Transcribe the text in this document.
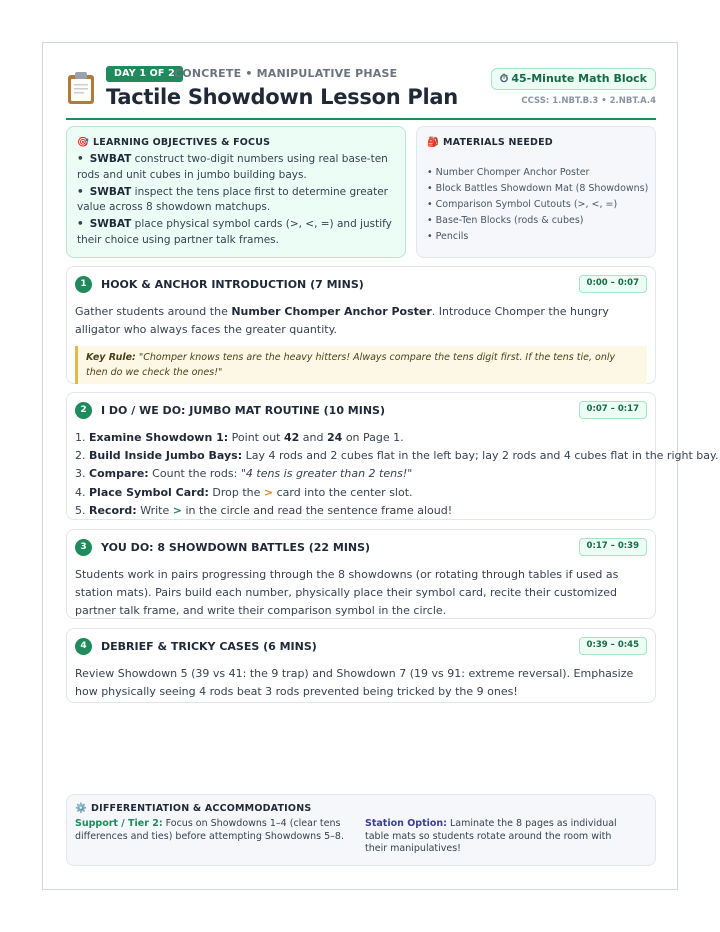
DAY 1 OF 2 CONCRETE • MANIPULATIVE PHASE
Tactile Showdown Lesson Plan
⏱ 45-Minute Math Block
CCSS: 1.NBT.B.3 • 2.NBT.A.4
🎯 LEARNING OBJECTIVES & FOCUS
• SWBAT construct two-digit numbers using real base-ten rods and unit cubes in jumbo building bays.
• SWBAT inspect the tens place first to determine greater value across 8 showdown matchups.
• SWBAT place physical symbol cards (>, <, =) and justify their choice using partner talk frames.
🎒 MATERIALS NEEDED
• Number Chomper Anchor Poster
• Block Battles Showdown Mat (8 Showdowns)
• Comparison Symbol Cutouts (>, <, =)
• Base-Ten Blocks (rods & cubes)
• Pencils
1	HOOK & ANCHOR INTRODUCTION (7 MINS)	0:00 – 0:07
Gather students around the Number Chomper Anchor Poster. Introduce Chomper the hungry alligator who always faces the greater quantity.
Key Rule: "Chomper knows tens are the heavy hitters! Always compare the tens digit first. If the tens tie, only then do we check the ones!"
2	I DO / WE DO: JUMBO MAT ROUTINE (10 MINS)	0:07 – 0:17
1. Examine Showdown 1: Point out 42 and 24 on Page 1.
2. Build Inside Jumbo Bays: Lay 4 rods and 2 cubes flat in the left bay; lay 2 rods and 4 cubes flat in the right bay.
3. Compare: Count the rods: "4 tens is greater than 2 tens!"
4. Place Symbol Card: Drop the > card into the center slot.
5. Record: Write > in the circle and read the sentence frame aloud!
3	YOU DO: 8 SHOWDOWN BATTLES (22 MINS)	0:17 – 0:39
Students work in pairs progressing through the 8 showdowns (or rotating through tables if used as station mats). Pairs build each number, physically place their symbol card, recite their customized partner talk frame, and write their comparison symbol in the circle.
4	DEBRIEF & TRICKY CASES (6 MINS)	0:39 – 0:45
Review Showdown 5 (39 vs 41: the 9 trap) and Showdown 7 (19 vs 91: extreme reversal). Emphasize how physically seeing 4 rods beat 3 rods prevented being tricked by the 9 ones!
⚙️ DIFFERENTIATION & ACCOMMODATIONS
Support / Tier 2: Focus on Showdowns 1–4 (clear tens differences and ties) before attempting Showdowns 5–8.
Station Option: Laminate the 8 pages as individual table mats so students rotate around the room with their manipulatives!
